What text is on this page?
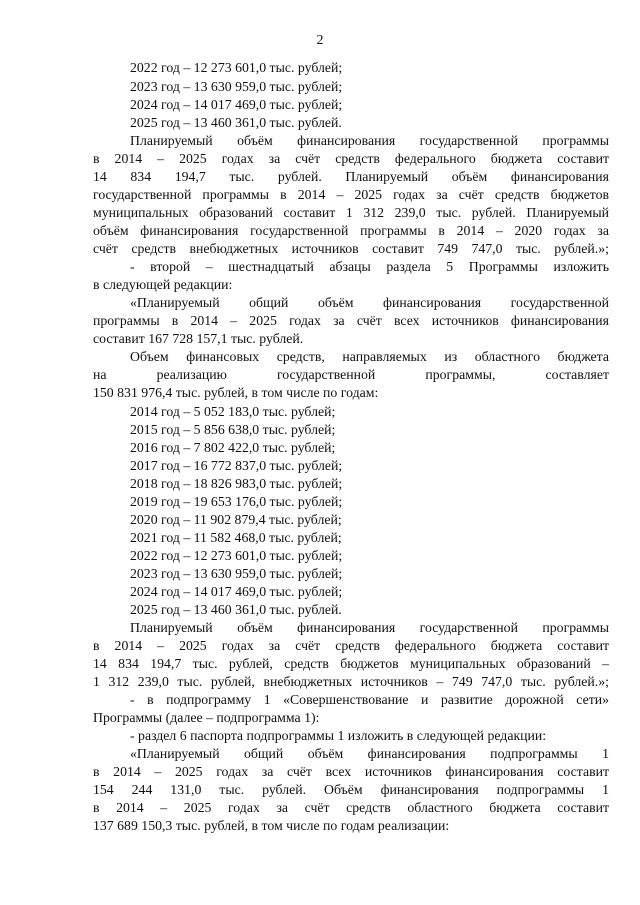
2
2022 год – 12 273 601,0 тыс. рублей;
2023 год – 13 630 959,0 тыс. рублей;
2024 год – 14 017 469,0 тыс. рублей;
2025 год – 13 460 361,0 тыс. рублей.
Планируемый объём финансирования государственной программы
в 2014 – 2025 годах за счёт средств федерального бюджета составит
14 834 194,7 тыс. рублей. Планируемый объём финансирования
государственной программы в 2014 – 2025 годах за счёт средств бюджетов
муниципальных образований составит 1 312 239,0 тыс. рублей. Планируемый
объём финансирования государственной программы в 2014 – 2020 годах за
счёт средств внебюджетных источников составит 749 747,0 тыс. рублей.»;
- второй – шестнадцатый абзацы раздела 5 Программы изложить
в следующей редакции:
«Планируемый общий объём финансирования государственной
программы в 2014 – 2025 годах за счёт всех источников финансирования
составит 167 728 157,1 тыс. рублей.
Объем финансовых средств, направляемых из областного бюджета
на реализацию государственной программы, составляет
150 831 976,4 тыс. рублей, в том числе по годам:
2014 год – 5 052 183,0 тыс. рублей;
2015 год – 5 856 638,0 тыс. рублей;
2016 год – 7 802 422,0 тыс. рублей;
2017 год – 16 772 837,0 тыс. рублей;
2018 год – 18 826 983,0 тыс. рублей;
2019 год – 19 653 176,0 тыс. рублей;
2020 год – 11 902 879,4 тыс. рублей;
2021 год – 11 582 468,0 тыс. рублей;
2022 год – 12 273 601,0 тыс. рублей;
2023 год – 13 630 959,0 тыс. рублей;
2024 год – 14 017 469,0 тыс. рублей;
2025 год – 13 460 361,0 тыс. рублей.
Планируемый объём финансирования государственной программы
в 2014 – 2025 годах за счёт средств федерального бюджета составит
14 834 194,7 тыс. рублей, средств бюджетов муниципальных образований –
1 312 239,0 тыс. рублей, внебюджетных источников – 749 747,0 тыс. рублей.»;
- в подпрограмму 1 «Совершенствование и развитие дорожной сети»
Программы (далее – подпрограмма 1):
- раздел 6 паспорта подпрограммы 1 изложить в следующей редакции:
«Планируемый общий объём финансирования подпрограммы 1
в 2014 – 2025 годах за счёт всех источников финансирования составит
154 244 131,0 тыс. рублей. Объём финансирования подпрограммы 1
в 2014 – 2025 годах за счёт средств областного бюджета составит
137 689 150,3 тыс. рублей, в том числе по годам реализации:
